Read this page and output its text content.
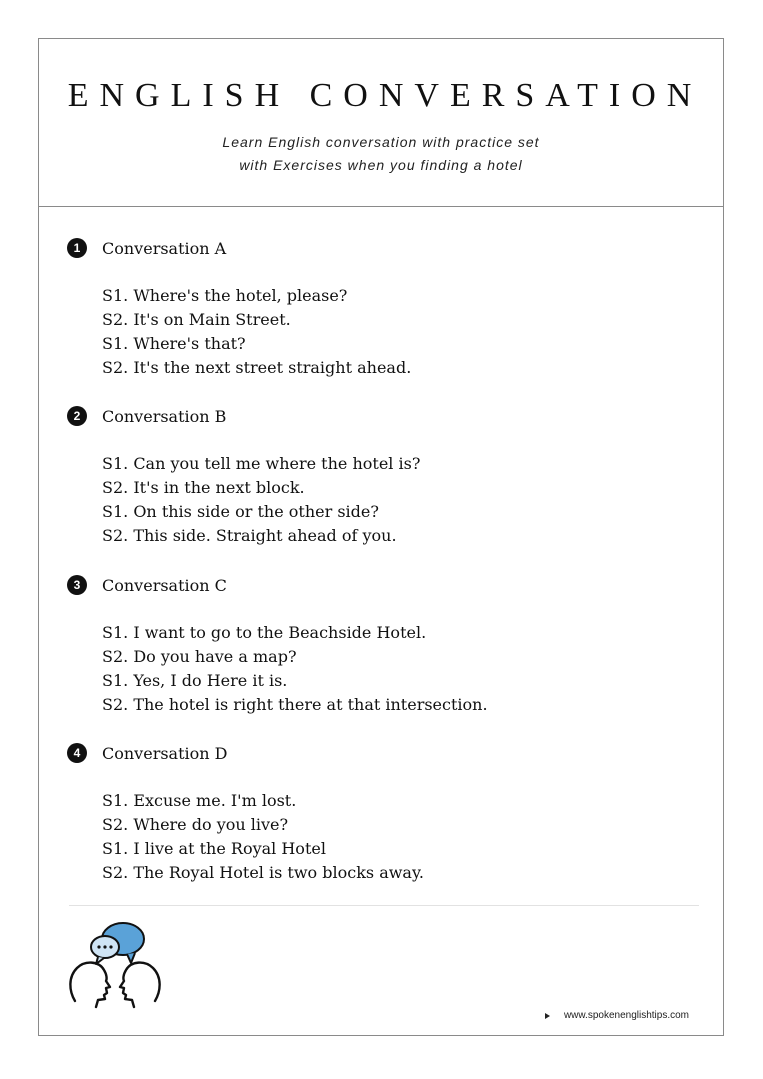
ENGLISH CONVERSATION
Learn English conversation with practice set
with Exercises when you finding a hotel
1	Conversation A
S1. Where's the hotel, please?
S2. It's on Main Street.
S1. Where's that?
S2. It's the next street straight ahead.
2	Conversation B
S1. Can you tell me where the hotel is?
S2. It's in the next block.
S1. On this side or the other side?
S2. This side. Straight ahead of you.
3	Conversation C
S1. I want to go to the Beachside Hotel.
S2. Do you have a map?
S1. Yes, I do Here it is.
S2. The hotel is right there at that intersection.
4	Conversation D
S1. Excuse me. I'm lost.
S2. Where do you live?
S1. I live at the Royal Hotel
S2. The Royal Hotel is two blocks away.
www.spokenenglishtips.com
